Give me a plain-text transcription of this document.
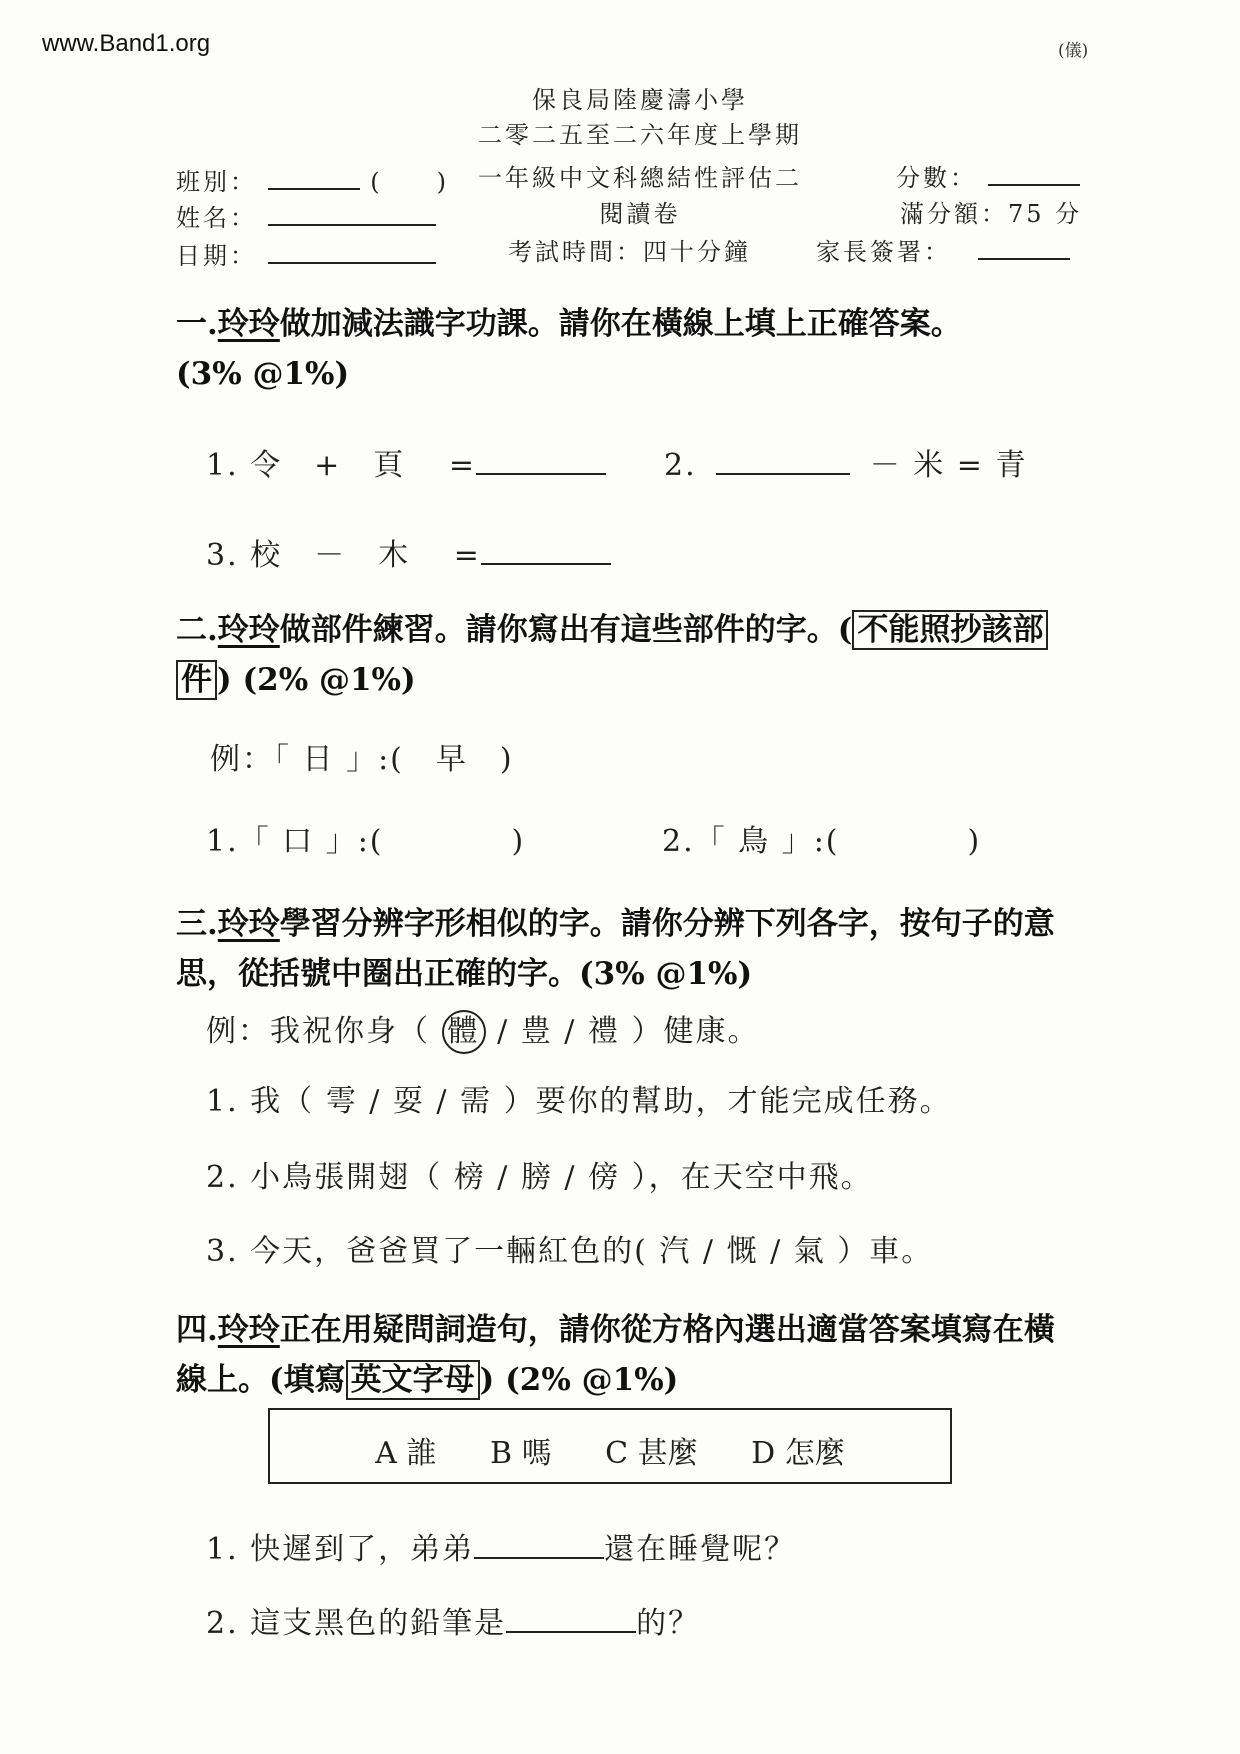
www.Band1.org	(儀)
保良局陸慶濤小學
二零二五至二六年度上學期
一年級中文科總結性評估二
閱讀卷
考試時間：四十分鐘
班別：	(　　)
姓名：
日期：
分數：
滿分額：75 分
家長簽署：
一.玲玲做加減法識字功課。請你在橫線上填上正確答案。
(3% @1%)
1. 令　+　頁　 =	2.	－ 米 = 青
3. 校　－　木　 =
二.玲玲做部件練習。請你寫出有這些部件的字。( 不能照抄該部
件 ) (2% @1%)
例：「 日 」:(　早　)
1.「 口 」:(　　　　)	2.「 鳥 」:(　　　　)
三.玲玲學習分辨字形相似的字。請你分辨下列各字，按句子的意
思，從括號中圈出正確的字。(3% @1%)
例：我祝你身（ 體 / 豊 / 禮 ）健康。
1. 我（ 雩 / 耍 / 需 ）要你的幫助，才能完成任務。
2. 小鳥張開翅（ 榜 / 膀 / 傍 ），在天空中飛。
3. 今天，爸爸買了一輛紅色的( 汽 / 慨 / 氣 ）車。
四.玲玲正在用疑問詞造句，請你從方格內選出適當答案填寫在橫
線上。(填寫 英文字母 ) (2% @1%)
A 誰 B 嗎 C 甚麼 D 怎麼
1. 快遲到了，弟弟	還在睡覺呢？
2. 這支黑色的鉛筆是	的？
